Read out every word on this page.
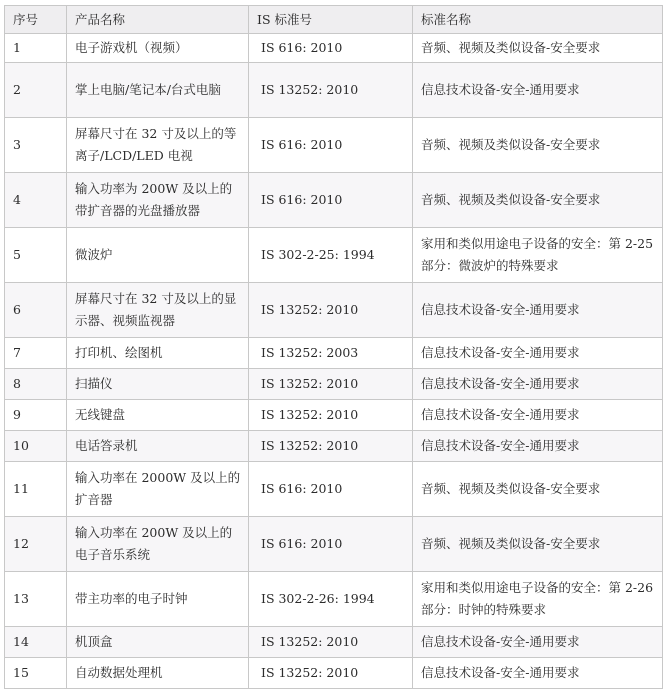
序号	产品名称	IS 标准号	标准名称
1	电子游戏机（视频）	IS 616: 2010	音频、视频及类似设备-安全要求
2	掌上电脑/笔记本/台式电脑	IS 13252: 2010	信息技术设备-安全-通用要求
3	屏幕尺寸在 32 寸及以上的等离子/LCD/LED 电视	IS 616: 2010	音频、视频及类似设备-安全要求
4	输入功率为 200W 及以上的带扩音器的光盘播放器	IS 616: 2010	音频、视频及类似设备-安全要求
5	微波炉	IS 302-2-25: 1994	家用和类似用途电子设备的安全：第 2-25 部分：微波炉的特殊要求
6	屏幕尺寸在 32 寸及以上的显示器、视频监视器	IS 13252: 2010	信息技术设备-安全-通用要求
7	打印机、绘图机	IS 13252: 2003	信息技术设备-安全-通用要求
8	扫描仪	IS 13252: 2010	信息技术设备-安全-通用要求
9	无线键盘	IS 13252: 2010	信息技术设备-安全-通用要求
10	电话答录机	IS 13252: 2010	信息技术设备-安全-通用要求
11	输入功率在 2000W 及以上的扩音器	IS 616: 2010	音频、视频及类似设备-安全要求
12	输入功率在 200W 及以上的电子音乐系统	IS 616: 2010	音频、视频及类似设备-安全要求
13	带主功率的电子时钟	IS 302-2-26: 1994	家用和类似用途电子设备的安全：第 2-26 部分：时钟的特殊要求
14	机顶盒	IS 13252: 2010	信息技术设备-安全-通用要求
15	自动数据处理机	IS 13252: 2010	信息技术设备-安全-通用要求
